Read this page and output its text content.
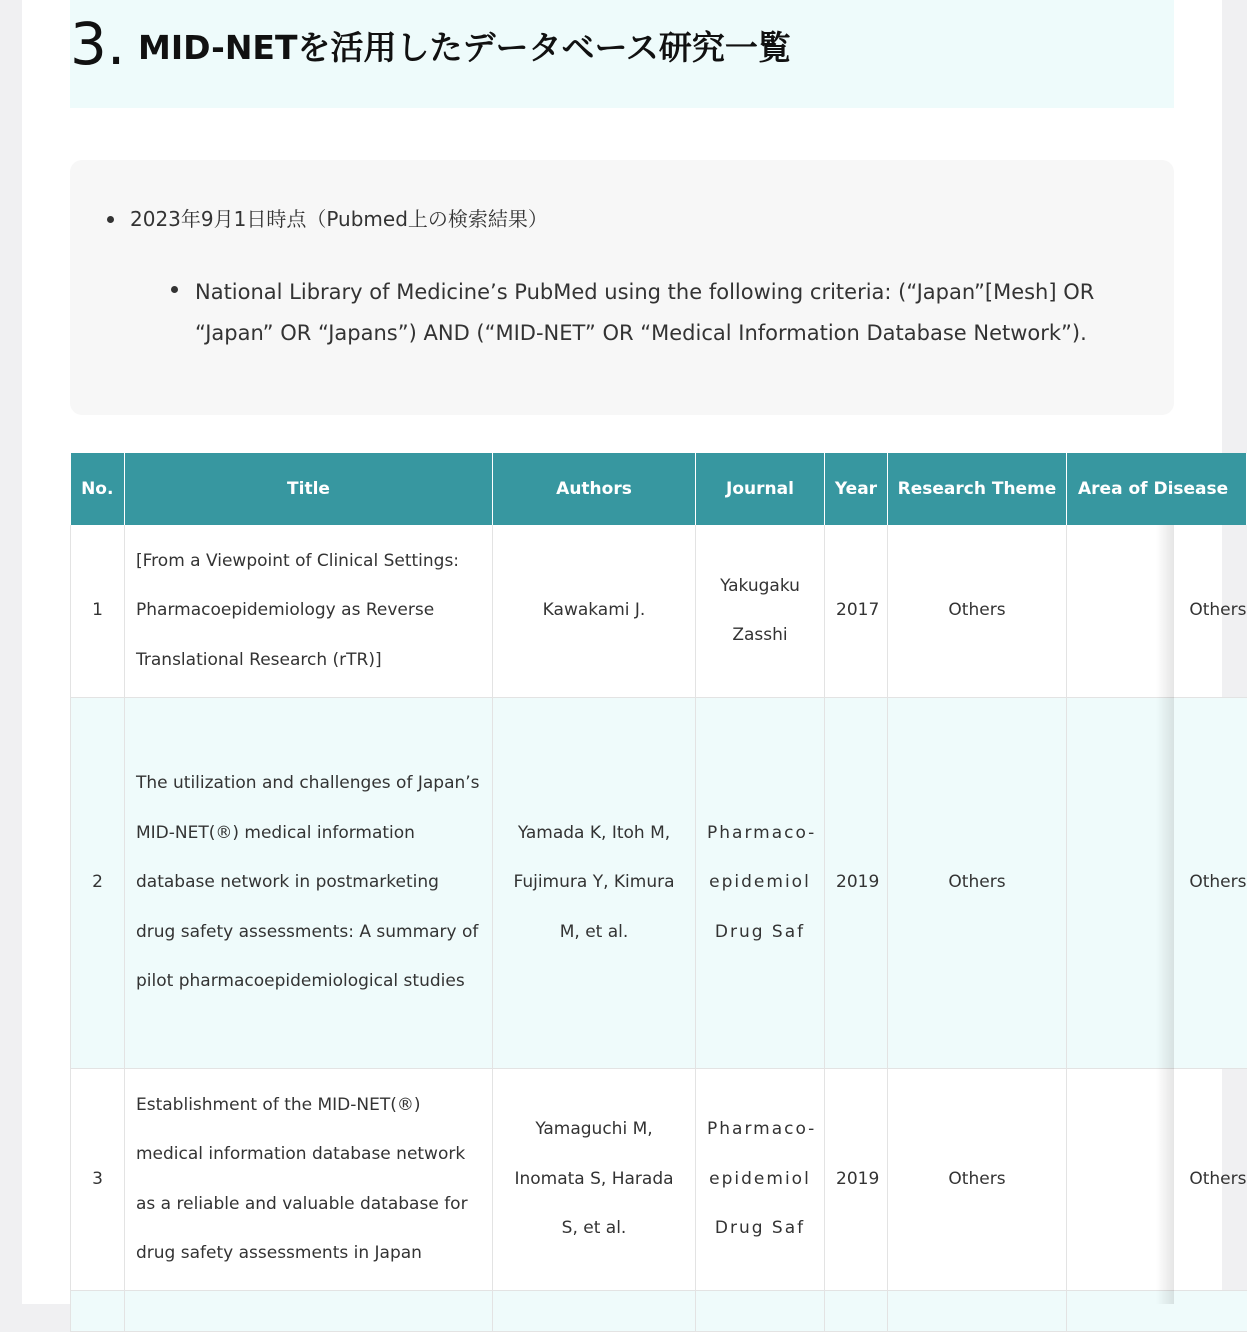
3. MID-NETを活用したデータベース研究一覧
2023年9月1日時点（Pubmed上の検索結果）
National Library of Medicine’s PubMed using the following criteria: (“Japan”[Mesh] OR “Japan” OR “Japans”) AND (“MID-NET” OR “Medical Information Database Network”).
No.	Title	Authors	Journal	Year	Research Theme	Area of Disease
1	[From a Viewpoint of Clinical Settings: Pharmacoepidemiology as Reverse Translational Research (rTR)]	Kawakami J.	Yakugaku Zasshi	2017	Others	Others
2	The utilization and challenges of Japan’s MID-NET(®) medical information database network in postmarketing drug safety assessments: A summary of pilot pharmacoepidemiological studies	Yamada K, Itoh M, Fujimura Y, Kimura M, et al.	Pharmaco-epidemiol Drug Saf	2019	Others	Others
3	Establishment of the MID-NET(®) medical information database network as a reliable and valuable database for drug safety assessments in Japan	Yamaguchi M, Inomata S, Harada S, et al.	Pharmaco-epidemiol Drug Saf	2019	Others	Others
